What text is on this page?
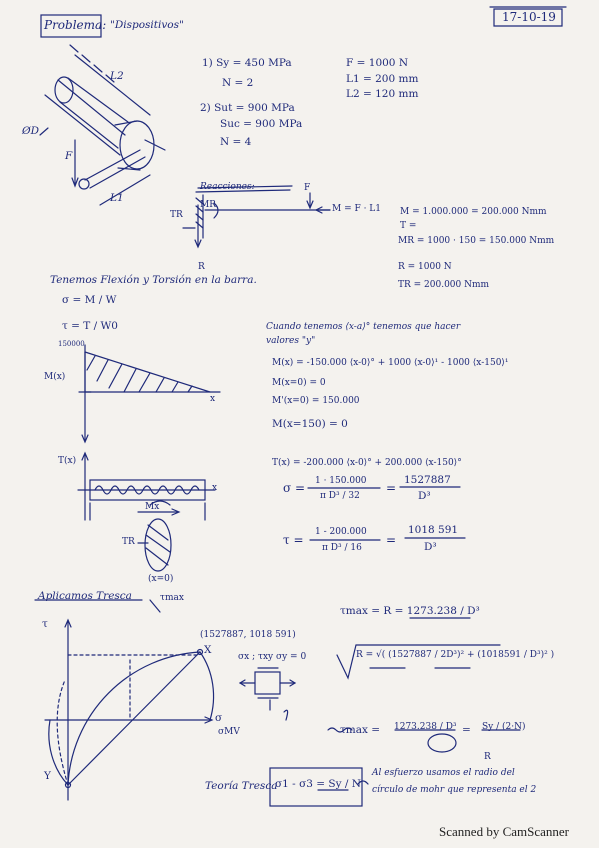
Problema: "Dispositivos"
17-10-19
1) Sy = 450 MPa
N = 2
2) Sut = 900 MPa
Suc = 900 MPa
N = 4
F = 1000 N
L1 = 200 mm
L2 = 120 mm
L2
L1
ØD
F
Reacciones:	F
MR
TR
R
M = F · L1 M = 1.000.000 = 200.000 Nmm
T =
MR = 1000 · 150 = 150.000 Nmm
R = 1000 N
TR = 200.000 Nmm
Tenemos Flexión y Torsión en la barra.
σ = M / W
τ = T / W0
M(x)
150000
x
Cuando tenemos ⟨x-a⟩° tenemos que hacer
valores "y"
M(x) = -150.000 ⟨x-0⟩° + 1000 ⟨x-0⟩¹ - 1000 ⟨x-150⟩¹
M(x=0) = 0
M'(x=0) = 150.000
M(x=150) = 0
T(x)
x
(x=0)
Mx
TR
T(x) = -200.000 ⟨x-0⟩° + 200.000 ⟨x-150⟩°
σ = 1 · 150.000
π D³ / 32
=
1527887
D³
τ =
1 - 200.000
π D³ / 16
=
1018 591
D³
Aplicamos Tresca	τmax
τ
σ
(1527887, 1018 591)
σx ; τxy σy = 0
X
Y
σMV
τmax = R = 1273.238 / D³
R = √( (1527887 / 2D³)² + (1018591 / D³)² )
τmax = 1273.238 / D³ = Sy / (2·N)
R
Teoría Tresca
σ1 - σ3 = Sy / N
Al esfuerzo usamos el radio del
círculo de mohr que representa el 2
Scanned by CamScanner
